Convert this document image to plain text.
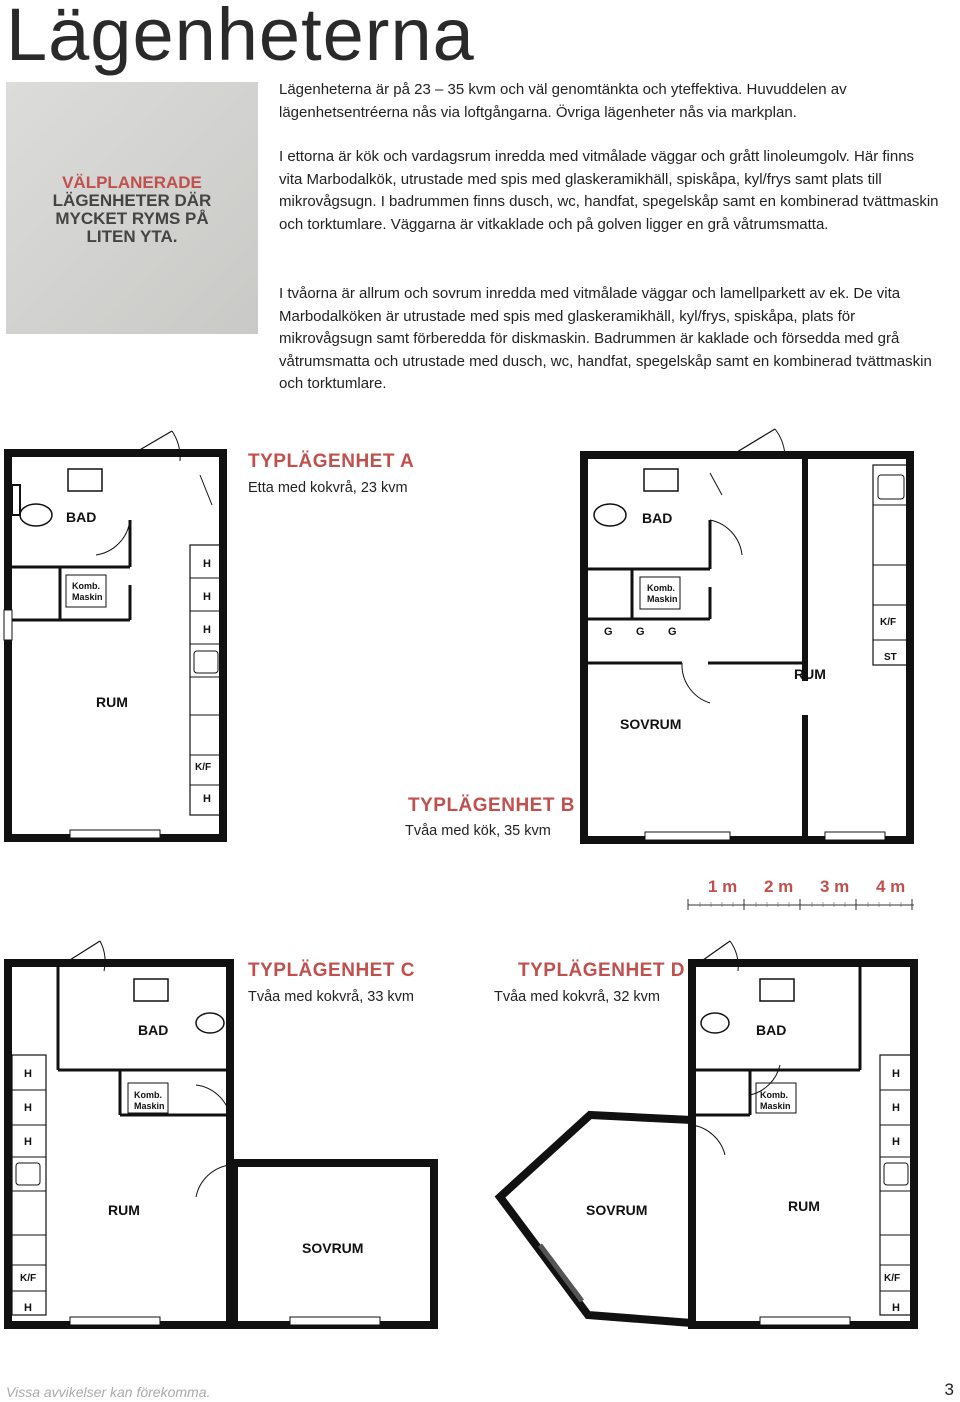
Lägenheterna
VÄLPLANERADE
LÄGENHETER DÄR
MYCKET RYMS PÅ
LITEN YTA.

Lägenheterna är på 23 – 35 kvm och väl genomtänkta och yteffektiva. Huvuddelen av lägenhetsentréerna nås via loftgångarna. Övriga lägenheter nås via markplan.

I ettorna är kök och vardagsrum inredda med vitmålade väggar och grått linoleumgolv. Här finns vita Marbodalkök, utrustade med spis med glaskeramikhäll, spiskåpa, kyl/frys samt plats till mikrovågsugn. I badrummen finns dusch, wc, handfat, spegelskåp samt en kombinerad tvättmaskin och torktumlare. Väggarna är vitkaklade och på golven ligger en grå våtrumsmatta.

I tvåorna är allrum och sovrum inredda med vitmålade väggar och lamellparkett av ek. De vita Marbodalköken är utrustade med spis med glaskeramikhäll, kyl/frys, spiskåpa, plats för mikrovågsugn samt förberedda för diskmaskin. Badrummen är kaklade och försedda med grå våtrumsmatta och utrustade med dusch, wc, handfat, spegelskåp samt en kombinerad tvättmaskin och torktumlare.

TYPLÄGENHET A
Etta med kokvrå, 23 kvm
TYPLÄGENHET B
Tvåa med kök, 35 kvm
TYPLÄGENHET C
Tvåa med kokvrå, 33 kvm
TYPLÄGENHET D
Tvåa med kokvrå, 32 kvm
1 m 2 m 3 m 4 m
BAD
RUM
Komb.
Maskin
H
H
H
K/F
H
BAD
RUM
SOVRUM
Komb.
Maskin
G G G
K/F
ST
BAD
RUM
SOVRUM
Komb.
Maskin
H
H
H
K/F
H
BAD
RUM
SOVRUM
Komb.
Maskin
H
H
H
K/F
H
Vissa avvikelser kan förekomma.	3
